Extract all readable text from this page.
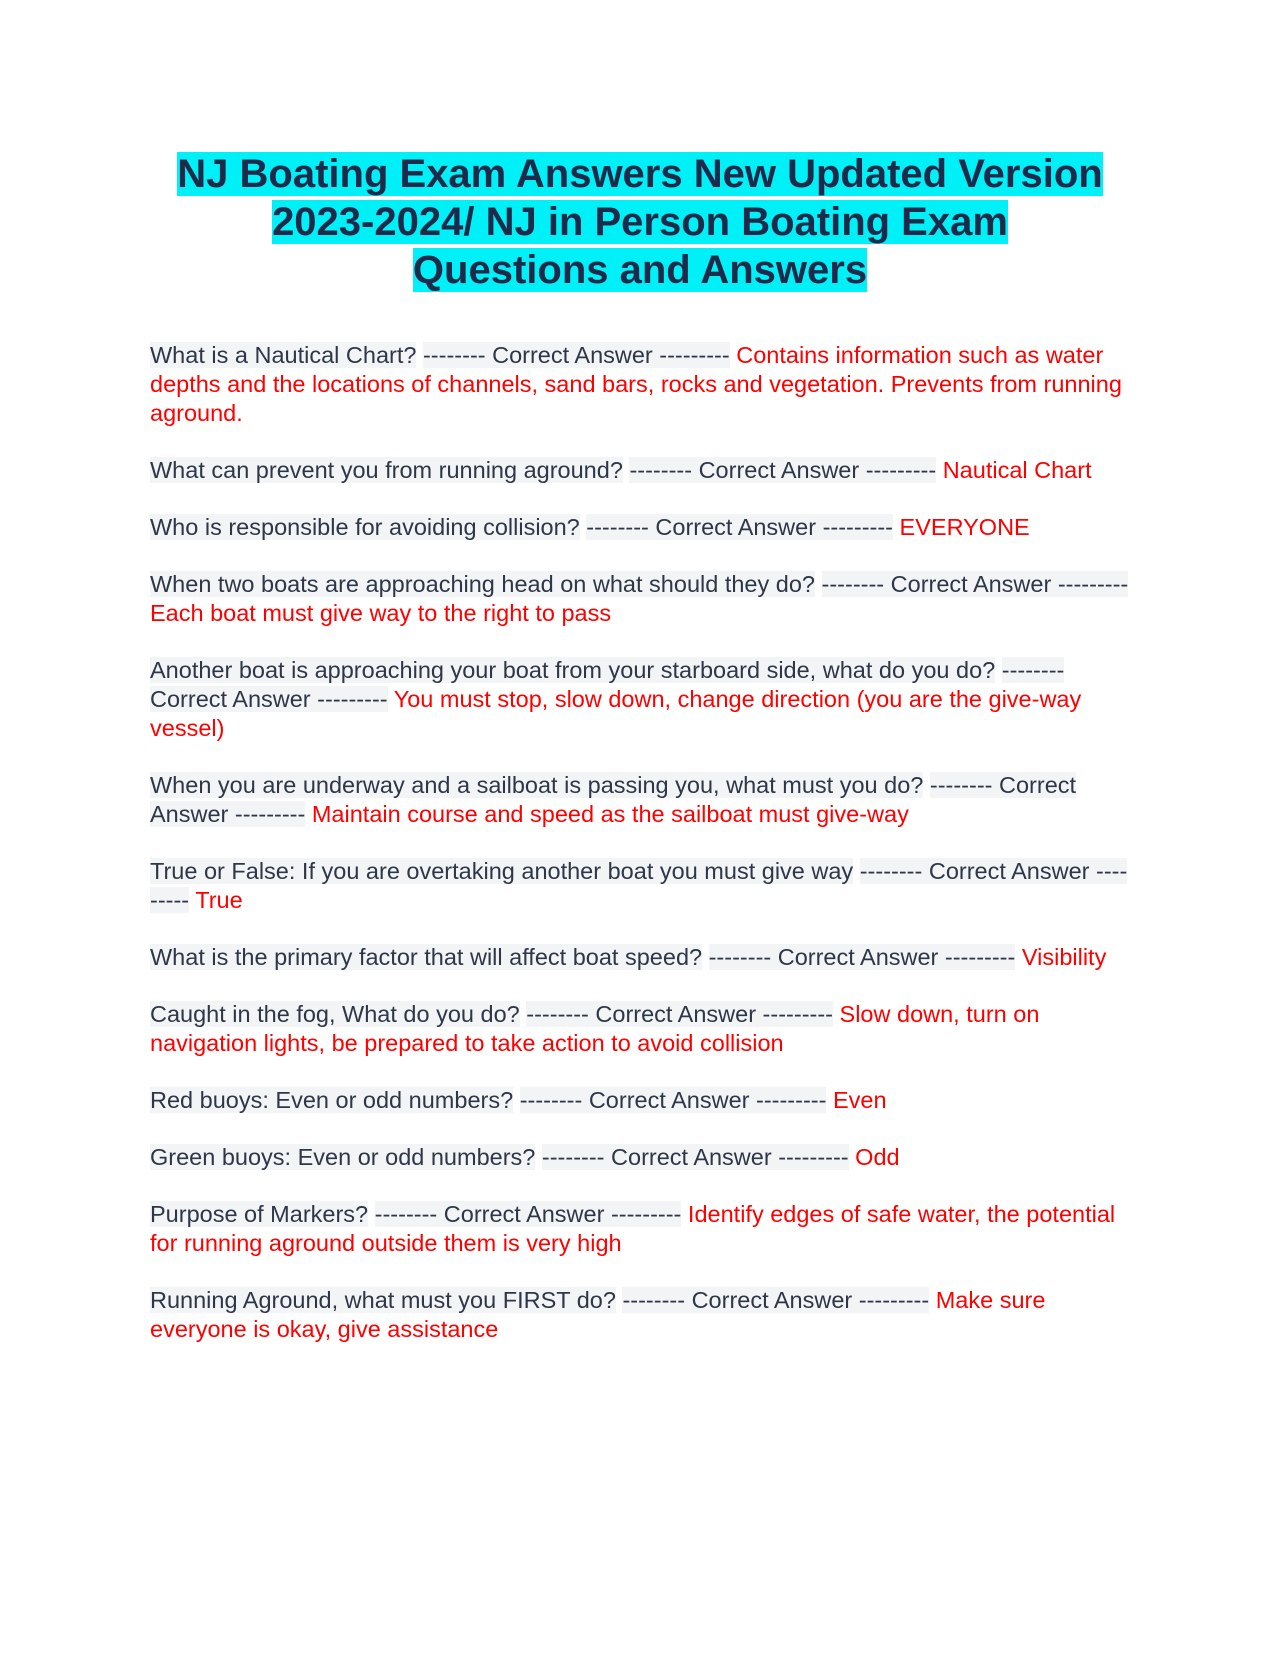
NJ Boating Exam Answers New Updated Version
2023-2024/ NJ in Person Boating Exam
Questions and Answers

What is a Nautical Chart? -------- Correct Answer --------- Contains information such as water depths and the locations of channels, sand bars, rocks and vegetation. Prevents from running aground.

What can prevent you from running aground? -------- Correct Answer --------- Nautical Chart

Who is responsible for avoiding collision? -------- Correct Answer --------- EVERYONE

When two boats are approaching head on what should they do? -------- Correct Answer --------- Each boat must give way to the right to pass

Another boat is approaching your boat from your starboard side, what do you do? -------- Correct Answer --------- You must stop, slow down, change direction (you are the give-way vessel)

When you are underway and a sailboat is passing you, what must you do? -------- Correct Answer --------- Maintain course and speed as the sailboat must give-way

True or False: If you are overtaking another boat you must give way -------- Correct Answer --------- True

What is the primary factor that will affect boat speed? -------- Correct Answer --------- Visibility

Caught in the fog, What do you do? -------- Correct Answer --------- Slow down, turn on navigation lights, be prepared to take action to avoid collision

Red buoys: Even or odd numbers? -------- Correct Answer --------- Even

Green buoys: Even or odd numbers? -------- Correct Answer --------- Odd

Purpose of Markers? -------- Correct Answer --------- Identify edges of safe water, the potential for running aground outside them is very high

Running Aground, what must you FIRST do? -------- Correct Answer --------- Make sure everyone is okay, give assistance
